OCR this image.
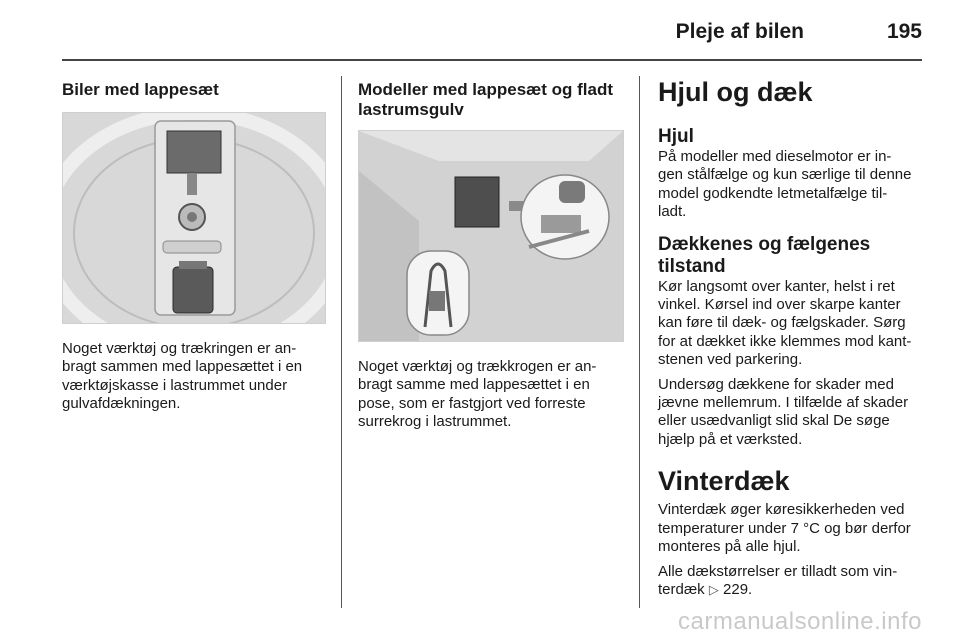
Pleje af bilen	195
Biler med lappesæt
Noget værktøj og trækringen er an-
bragt sammen med lappesættet i en
værktøjskasse i lastrummet under
gulvafdækningen.
Modeller med lappesæt og fladt
lastrumsgulv
Noget værktøj og trækkrogen er an-
bragt samme med lappesættet i en
pose, som er fastgjort ved forreste
surrekrog i lastrummet.
Hjul og dæk
Hjul
På modeller med dieselmotor er in-
gen stålfælge og kun særlige til denne
model godkendte letmetalfælge til-
ladt.
Dækkenes og fælgenes tilstand
Kør langsomt over kanter, helst i ret
vinkel. Kørsel ind over skarpe kanter
kan føre til dæk- og fælgskader. Sørg
for at dækket ikke klemmes mod kant-
stenen ved parkering.
Undersøg dækkene for skader med
jævne mellemrum. I tilfælde af skader
eller usædvanligt slid skal De søge
hjælp på et værksted.
Vinterdæk
Vinterdæk øger køresikkerheden ved
temperaturer under 7 °C og bør derfor
monteres på alle hjul.
Alle dækstørrelser er tilladt som vin-
terdæk ▷ 229.
carmanualsonline.info
